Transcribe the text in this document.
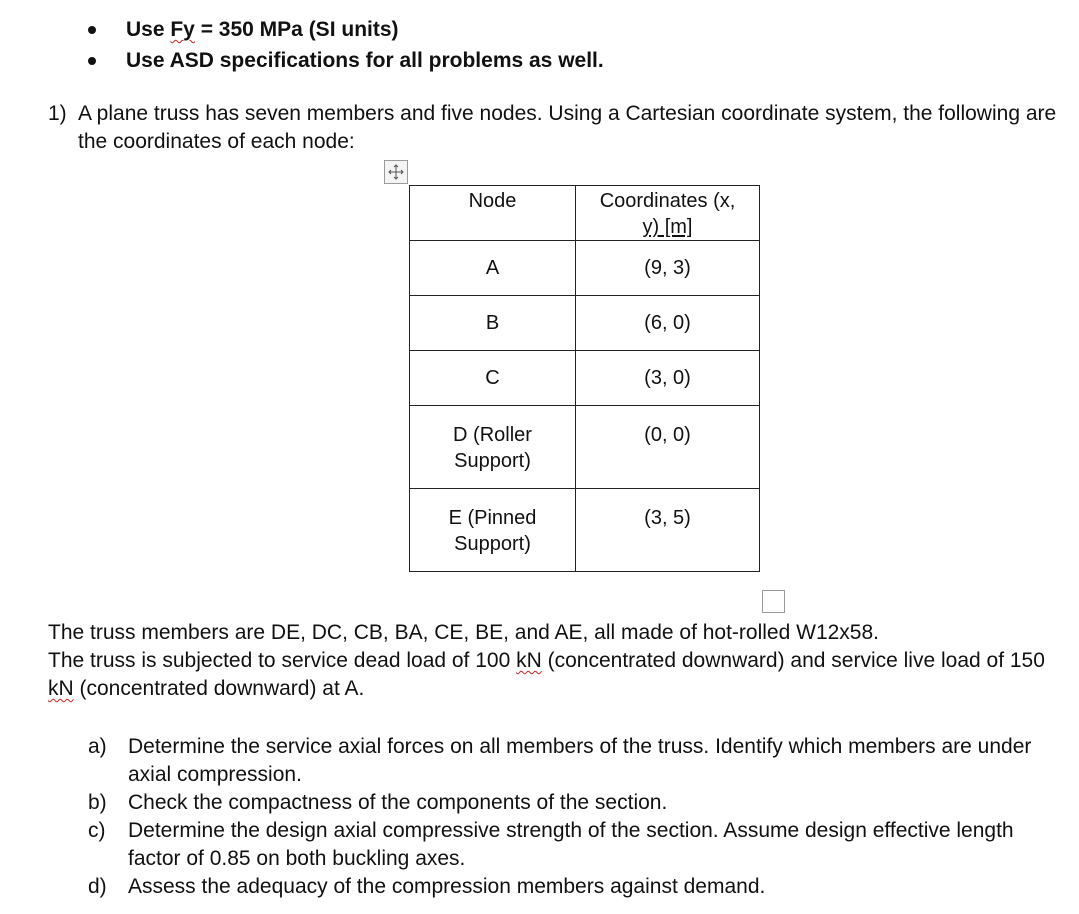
Use Fy = 350 MPa (SI units)
Use ASD specifications for all problems as well.
1) A plane truss has seven members and five nodes. Using a Cartesian coordinate system, the following are the coordinates of each node:
Node	Coordinates (x,
y) [m]
A	(9, 3)
B	(6, 0)
C	(3, 0)

D (Roller Support)	(0, 0)

E (Pinned Support)	(3, 5)
The truss members are DE, DC, CB, BA, CE, BE, and AE, all made of hot-rolled W12x58.
The truss is subjected to service dead load of 100 kN (concentrated downward) and service live load of 150 kN (concentrated downward) at A.
a) Determine the service axial forces on all members of the truss. Identify which members are under axial compression.
b) Check the compactness of the components of the section.
c) Determine the design axial compressive strength of the section. Assume design effective length factor of 0.85 on both buckling axes.
d) Assess the adequacy of the compression members against demand.
